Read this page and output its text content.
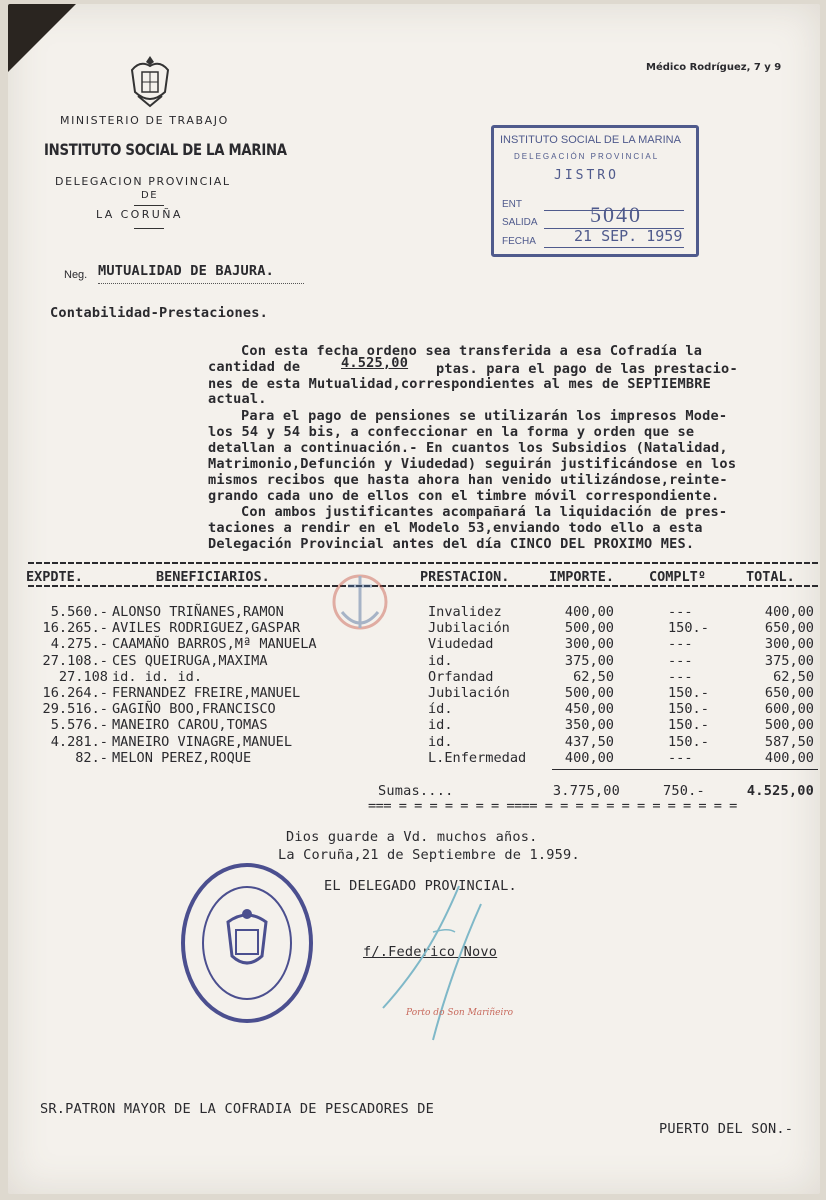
MINISTERIO DE TRABAJO
INSTITUTO SOCIAL DE LA MARINA
DELEGACION PROVINCIAL
DE
LA CORUÑA
Médico Rodríguez, 7 y 9
INSTITUTO SOCIAL DE LA MARINA
DELEGACIÓN PROVINCIAL
JISTRO
ENT
SALIDA
FECHA
5040
21 SEP. 1959
Neg. MUTUALIDAD DE BAJURA.
Contabilidad-Prestaciones.
Con esta fecha ordeno sea transferida a esa Cofradía la
cantidad de	4.525,00 ptas. para el pago de las prestacio-
nes de esta Mutualidad,correspondientes al mes de SEPTIEMBRE
actual.
Para el pago de pensiones se utilizarán los impresos Mode-
los 54 y 54 bis, a confeccionar en la forma y orden que se
detallan a continuación.- En cuantos los Subsidios (Natalidad,
Matrimonio,Defunción y Viudedad) seguirán justificándose en los
mismos recibos que hasta ahora han venido utilizándose,reinte-
grando cada uno de ellos con el timbre móvil correspondiente.
Con ambos justificantes acompañará la liquidación de pres-
taciones a rendir en el Modelo 53,enviando todo ello a esta
Delegación Provincial antes del día CINCO DEL PROXIMO MES.
EXPDTE.	BENEFICIARIOS.	PRESTACION.	IMPORTE.	COMPLTº	TOTAL.
5.560.- ALONSO TRIÑANES,RAMON	Invalidez	400,00	---	400,00
16.265.- AVILES RODRIGUEZ,GASPAR	Jubilación	500,00	150.-	650,00
4.275.- CAAMAÑO BARROS,Mª MANUELA	Viudedad	300,00	---	300,00
27.108.- CES QUEIRUGA,MAXIMA	id.	375,00	---	375,00
27.108 id. id. id.	Orfandad	62,50	---	62,50
16.264.- FERNANDEZ FREIRE,MANUEL	Jubilación	500,00	150.-	650,00
29.516.- GAGIÑO BOO,FRANCISCO	íd.	450,00	150.-	600,00
5.576.- MANEIRO CAROU,TOMAS	id.	350,00	150.-	500,00
4.281.- MANEIRO VINAGRE,MANUEL	id.	437,50	150.-	587,50
82.- MELON PEREZ,ROQUE	L.Enfermedad	400,00	---	400,00
Sumas....	3.775,00	750.-	4.525,00
=== = = = = = = = ==== = = = = = = = = = = = = =
Dios guarde a Vd. muchos años.
La Coruña,21 de Septiembre de 1.959.
EL DELEGADO PROVINCIAL.
f/.Federico Novo
Porto do Son Mariñeiro
SR.PATRON MAYOR DE LA COFRADIA DE PESCADORES DE
PUERTO DEL SON.-
